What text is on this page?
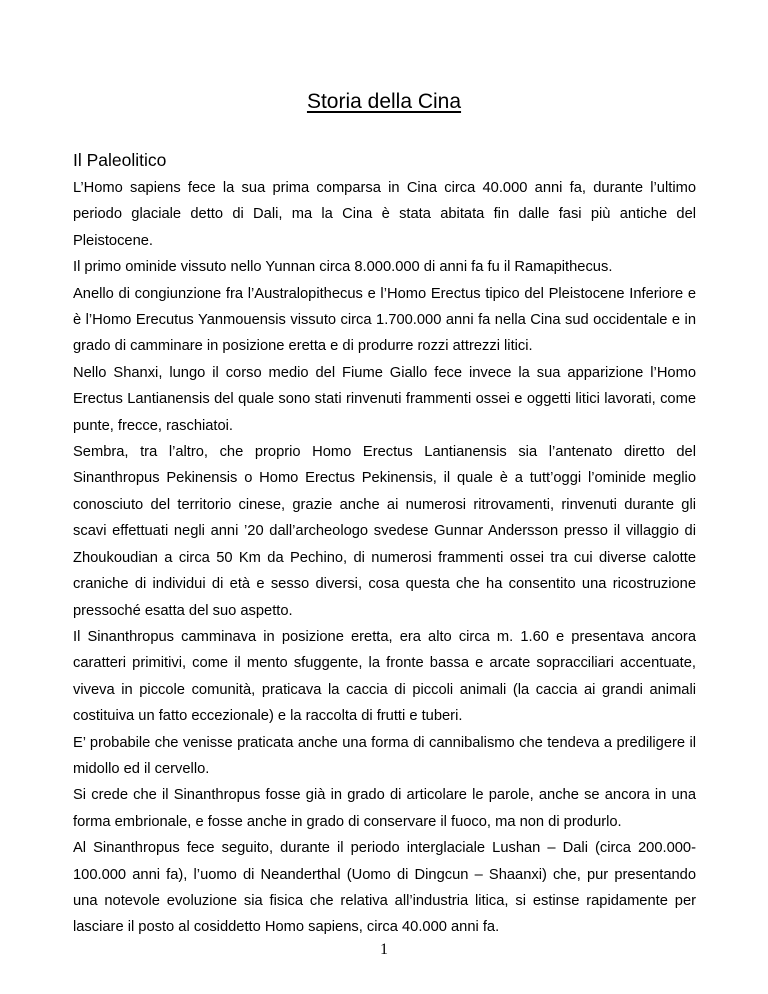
Storia della Cina
Il Paleolitico

L’Homo sapiens fece la sua prima comparsa in Cina circa 40.000 anni fa, durante l’ultimo periodo glaciale detto di Dali, ma la Cina è stata abitata fin dalle fasi più antiche del Pleistocene.

Il primo ominide vissuto nello Yunnan circa 8.000.000 di anni fa fu il Ramapithecus.

Anello di congiunzione fra l’Australopithecus e l’Homo Erectus tipico del Pleistocene Inferiore e è l’Homo Erecutus Yanmouensis vissuto circa 1.700.000 anni fa nella Cina sud occidentale e in grado di camminare in posizione eretta e di produrre rozzi attrezzi litici.

Nello Shanxi, lungo il corso medio del Fiume Giallo fece invece la sua apparizione l’Homo Erectus Lantianensis del quale sono stati rinvenuti frammenti ossei e oggetti litici lavorati, come punte, frecce, raschiatoi.

Sembra, tra l’altro, che proprio Homo Erectus Lantianensis sia l’antenato diretto del Sinanthropus Pekinensis o Homo Erectus Pekinensis, il quale è a tutt’oggi l’ominide meglio conosciuto del territorio cinese, grazie anche ai numerosi ritrovamenti, rinvenuti durante gli scavi effettuati negli anni ’20 dall’archeologo svedese Gunnar Andersson presso il villaggio di Zhoukoudian a circa 50 Km da Pechino, di numerosi frammenti ossei tra cui diverse calotte craniche di individui di età e sesso diversi, cosa questa che ha consentito una ricostruzione pressoché esatta del suo aspetto.

Il Sinanthropus camminava in posizione eretta, era alto circa m. 1.60 e presentava ancora caratteri primitivi, come il mento sfuggente, la fronte bassa e arcate sopracciliari accentuate, viveva in piccole comunità, praticava la caccia di piccoli animali (la caccia ai grandi animali costituiva un fatto eccezionale) e la raccolta di frutti e tuberi.

E’ probabile che venisse praticata anche una forma di cannibalismo che tendeva a prediligere il midollo ed il cervello.

Si crede che il Sinanthropus fosse già in grado di articolare le parole, anche se ancora in una forma embrionale, e fosse anche in grado di conservare il fuoco, ma non di produrlo.

Al Sinanthropus fece seguito, durante il periodo interglaciale Lushan – Dali (circa 200.000-100.000 anni fa), l’uomo di Neanderthal (Uomo di Dingcun – Shaanxi) che, pur presentando una notevole evoluzione sia fisica che relativa all’industria litica, si estinse rapidamente per lasciare il posto al cosiddetto Homo sapiens, circa 40.000 anni fa.

1
